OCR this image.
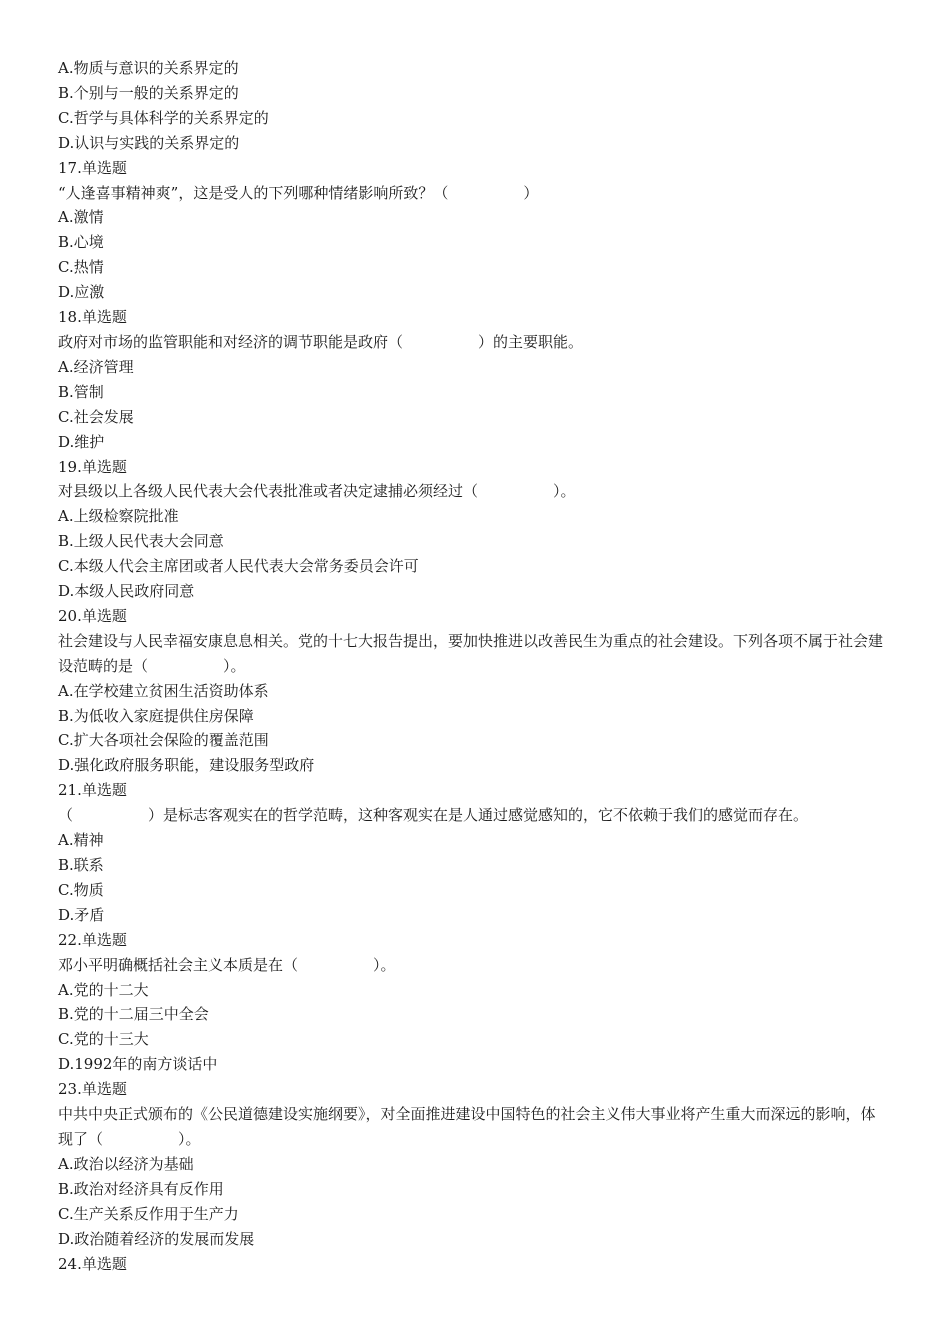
A.物质与意识的关系界定的

B.个别与一般的关系界定的

C.哲学与具体科学的关系界定的

D.认识与实践的关系界定的

17.单选题

“人逢喜事精神爽”，这是受人的下列哪种情绪影响所致？（　　　　　）

A.激情

B.心境

C.热情

D.应激

18.单选题

政府对市场的监管职能和对经济的调节职能是政府（　　　　　）的主要职能。

A.经济管理

B.管制

C.社会发展

D.维护

19.单选题

对县级以上各级人民代表大会代表批准或者决定逮捕必须经过（　　　　　）。

A.上级检察院批准

B.上级人民代表大会同意

C.本级人代会主席团或者人民代表大会常务委员会许可

D.本级人民政府同意

20.单选题

社会建设与人民幸福安康息息相关。党的十七大报告提出，要加快推进以改善民生为重点的社会建设。下列各项不属于社会建设范畴的是（　　　　　）。

A.在学校建立贫困生活资助体系

B.为低收入家庭提供住房保障

C.扩大各项社会保险的覆盖范围

D.强化政府服务职能，建设服务型政府

21.单选题

（　　　　　）是标志客观实在的哲学范畴，这种客观实在是人通过感觉感知的，它不依赖于我们的感觉而存在。

A.精神

B.联系

C.物质

D.矛盾

22.单选题

邓小平明确概括社会主义本质是在（　　　　　）。

A.党的十二大

B.党的十二届三中全会

C.党的十三大

D.1992年的南方谈话中

23.单选题

中共中央正式颁布的《公民道德建设实施纲要》，对全面推进建设中国特色的社会主义伟大事业将产生重大而深远的影响，体现了（　　　　　）。

A.政治以经济为基础

B.政治对经济具有反作用

C.生产关系反作用于生产力

D.政治随着经济的发展而发展

24.单选题
